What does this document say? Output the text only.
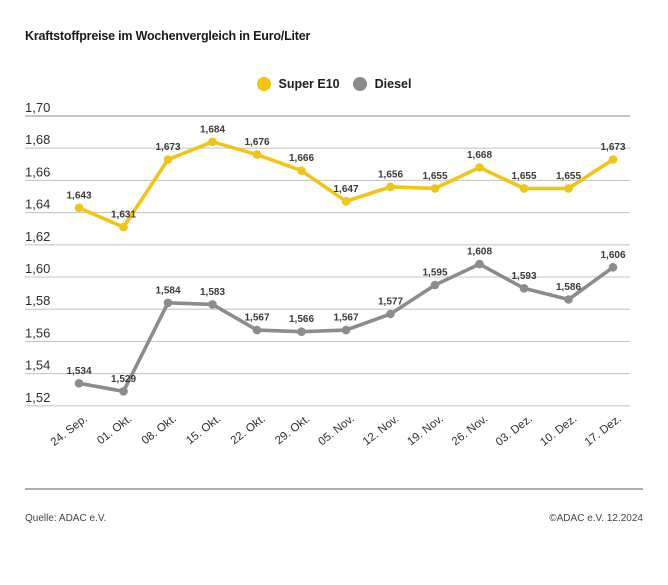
Kraftstoffpreise im Wochenvergleich in Euro/Liter
Super E10	Diesel
1,70
1,68
1,66
1,64
1,62
1,60
1,58
1,56
1,54
1,52
24. Sep. 01. Okt. 08. Okt. 15. Okt. 22. Okt. 29. Okt. 05. Nov. 12. Nov. 19. Nov. 26. Nov. 03. Dez. 10. Dez. 17. Dez.
1,643
1,631
1,673
1,684
1,676
1,666
1,647
1,656 1,655
1,668
1,655 1,655
1,673
1,534
1,529
1,584 1,583
1,567 1,566 1,567
1,577
1,595
1,608
1,593
1,586
1,606
Quelle: ADAC e.V.	©ADAC e.V. 12.2024
